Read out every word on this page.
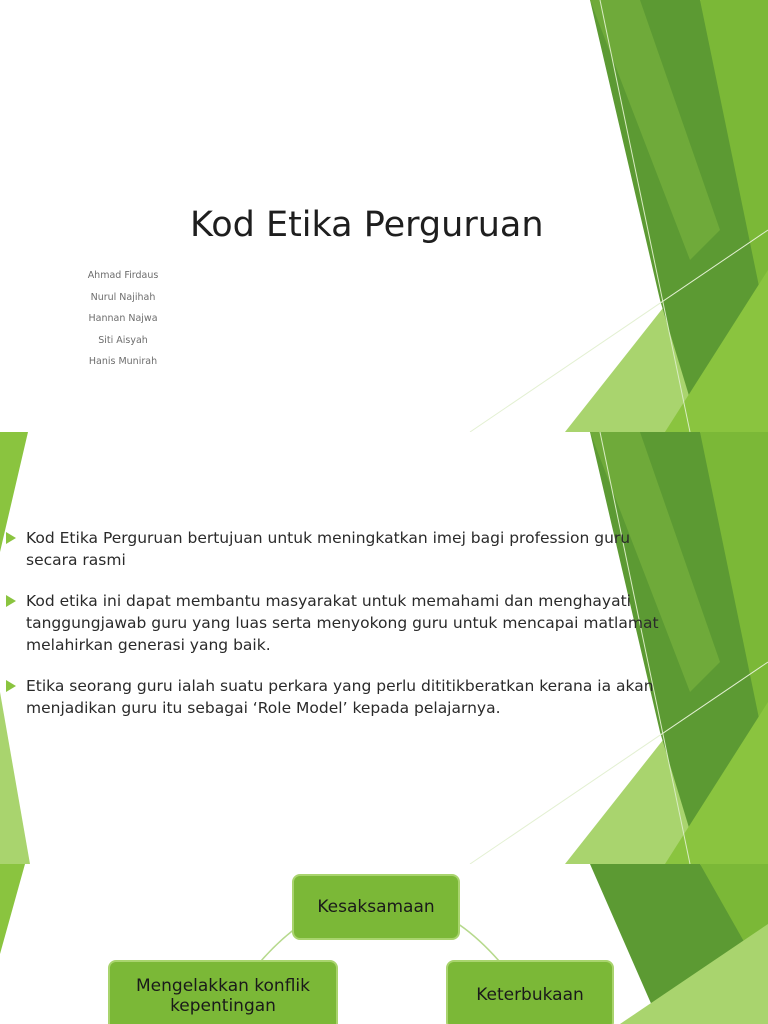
Kod Etika Perguruan
Ahmad Firdaus
Nurul Najihah
Hannan Najwa
Siti Aisyah
Hanis Munirah
Kod Etika Perguruan bertujuan untuk meningkatkan imej bagi profession guru secara rasmi
Kod etika ini dapat membantu masyarakat untuk memahami dan menghayati tanggungjawab guru yang luas serta menyokong guru untuk mencapai matlamat melahirkan generasi yang baik.
Etika seorang guru ialah suatu perkara yang perlu dititikberatkan kerana ia akan menjadikan guru itu sebagai ‘Role Model’ kepada pelajarnya.
Kesaksamaan
Mengelakkan konflik kepentingan
Keterbukaan
